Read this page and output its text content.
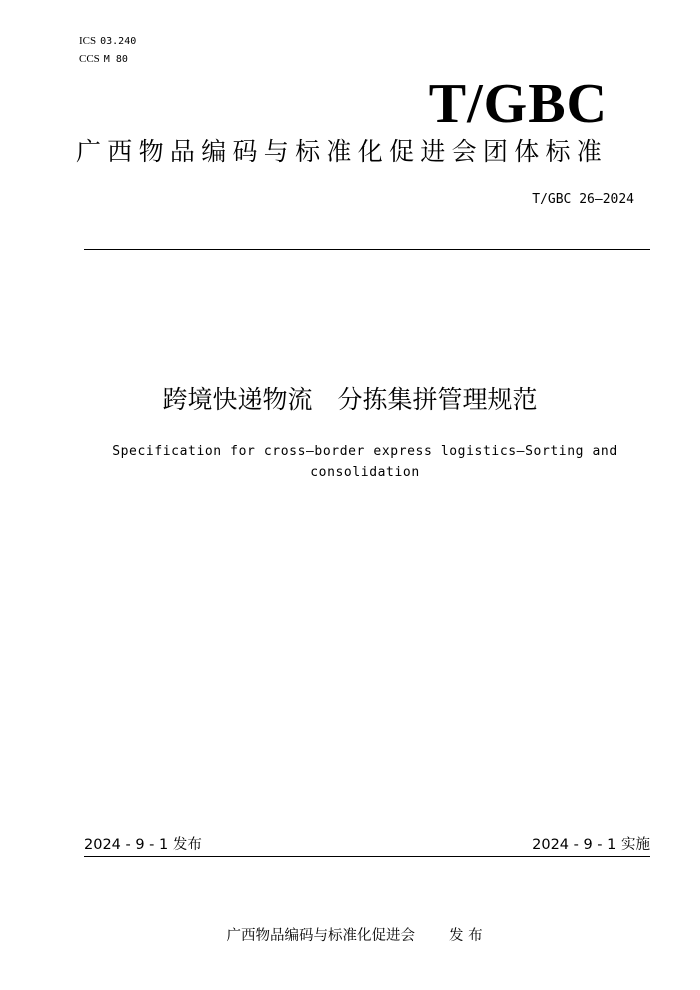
ICS 03.240
CCS M 80
T/GBC
广西物品编码与标准化促进会团体标准
T/GBC 26—2024
跨境快递物流　分拣集拼管理规范
Specification for cross—border express logistics—Sorting and consolidation
2024 - 9 - 1 发布	2024 - 9 - 1 实施

广西物品编码与标准化促进会 发 布
